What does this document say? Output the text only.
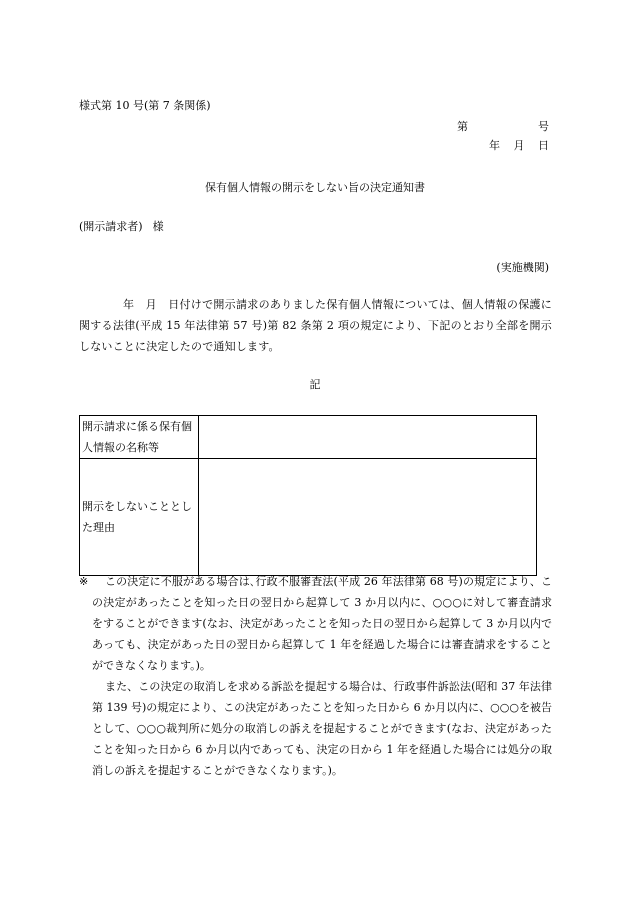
様式第 10 号(第 7 条関係)
第	号
年 月 日
保有個人情報の開示をしない旨の決定通知書
(開示請求者) 様
(実施機関)
年　月　日付けで開示請求のありました保有個人情報については、個人情報の保護に関する法律(平成 15 年法律第 57 号)第 82 条第 2 項の規定により、下記のとおり全部を開示しないことに決定したので通知します。
記
開示請求に係る保有個人情報の名称等	
開示をしないこととした理由	
※	この決定に不服がある場合は､行政不服審査法(平成 26 年法律第 68 号)の規定により、この決定があったことを知った日の翌日から起算して 3 か月以内に、○○○に対して審査請求をすることができます(なお、決定があったことを知った日の翌日から起算して 3 か月以内であっても、決定があった日の翌日から起算して 1 年を経過した場合には審査請求をすることができなくなります。)。
また、この決定の取消しを求める訴訟を提起する場合は、行政事件訴訟法(昭和 37 年法律第 139 号)の規定により、この決定があったことを知った日から 6 か月以内に、○○○を被告として、○○○裁判所に処分の取消しの訴えを提起することができます(なお、決定があったことを知った日から 6 か月以内であっても、決定の日から 1 年を経過した場合には処分の取消しの訴えを提起することができなくなります。)。
